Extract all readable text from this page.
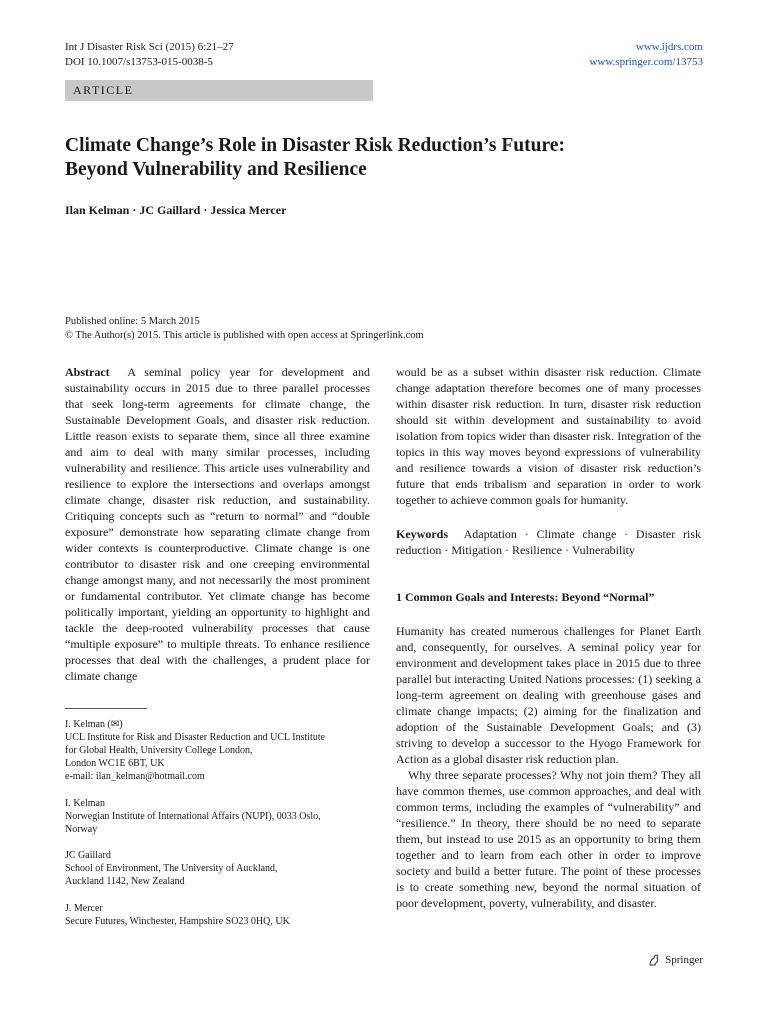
Int J Disaster Risk Sci (2015) 6:21–27
DOI 10.1007/s13753-015-0038-5
www.ijdrs.com
www.springer.com/13753
ARTICLE
Climate Change’s Role in Disaster Risk Reduction’s Future:
Beyond Vulnerability and Resilience
Ilan Kelman · JC Gaillard · Jessica Mercer
Published online: 5 March 2015
© The Author(s) 2015. This article is published with open access at Springerlink.com

Abstract A seminal policy year for development and sustainability occurs in 2015 due to three parallel processes that seek long-term agreements for climate change, the Sustainable Development Goals, and disaster risk reduction. Little reason exists to separate them, since all three examine and aim to deal with many similar processes, including vulnerability and resilience. This article uses vulnerability and resilience to explore the intersections and overlaps amongst climate change, disaster risk reduction, and sustainability. Critiquing concepts such as “return to normal” and “double exposure” demonstrate how separating climate change from wider contexts is counterproductive. Climate change is one contributor to disaster risk and one creeping environmental change amongst many, and not necessarily the most prominent or fundamental contributor. Yet climate change has become politically important, yielding an opportunity to highlight and tackle the deep-rooted vulnerability processes that cause “multiple exposure” to multiple threats. To enhance resilience processes that deal with the challenges, a prudent place for climate change

I. Kelman (✉)
UCL Institute for Risk and Disaster Reduction and UCL Institute
for Global Health, University College London,
London WC1E 6BT, UK
e-mail: ilan_kelman@hotmail.com
I. Kelman
Norwegian Institute of International Affairs (NUPI), 0033 Oslo,
Norway
JC Gaillard
School of Environment, The University of Auckland,
Auckland 1142, New Zealand
J. Mercer
Secure Futures, Winchester, Hampshire SO23 0HQ, UK

would be as a subset within disaster risk reduction. Climate change adaptation therefore becomes one of many processes within disaster risk reduction. In turn, disaster risk reduction should sit within development and sustainability to avoid isolation from topics wider than disaster risk. Integration of the topics in this way moves beyond expressions of vulnerability and resilience towards a vision of disaster risk reduction’s future that ends tribalism and separation in order to work together to achieve common goals for humanity.

Keywords Adaptation · Climate change · Disaster risk reduction · Mitigation · Resilience · Vulnerability

1 Common Goals and Interests: Beyond “Normal”

Humanity has created numerous challenges for Planet Earth and, consequently, for ourselves. A seminal policy year for environment and development takes place in 2015 due to three parallel but interacting United Nations processes: (1) seeking a long-term agreement on dealing with greenhouse gases and climate change impacts; (2) aiming for the finalization and adoption of the Sustainable Development Goals; and (3) striving to develop a successor to the Hyogo Framework for Action as a global disaster risk reduction plan.

Why three separate processes? Why not join them? They all have common themes, use common approaches, and deal with common terms, including the examples of “vulnerability” and “resilience.” In theory, there should be no need to separate them, but instead to use 2015 as an opportunity to bring them together and to learn from each other in order to improve society and build a better future. The point of these processes is to create something new, beyond the normal situation of poor development, poverty, vulnerability, and disaster.

Springer
